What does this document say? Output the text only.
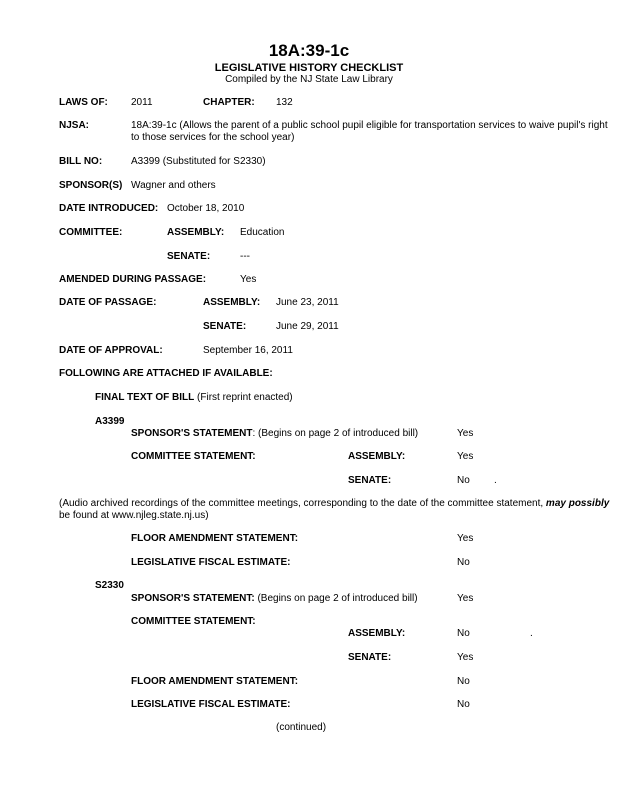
18A:39-1c
LEGISLATIVE HISTORY CHECKLIST
Compiled by the NJ State Law Library
LAWS OF: 2011	CHAPTER: 132
NJSA:	18A:39-1c (Allows the parent of a public school pupil eligible for transportation services to waive pupil's right to those services for the school year)
BILL NO:	A3399 (Substituted for S2330)
SPONSOR(S) Wagner and others
DATE INTRODUCED: October 18, 2010
COMMITTEE:	ASSEMBLY: Education
SENATE:	---
AMENDED DURING PASSAGE:	Yes
DATE OF PASSAGE:	ASSEMBLY: June 23, 2011
SENATE:	June 29, 2011
DATE OF APPROVAL:	September 16, 2011
FOLLOWING ARE ATTACHED IF AVAILABLE:
FINAL TEXT OF BILL (First reprint enacted)
A3399
SPONSOR'S STATEMENT: (Begins on page 2 of introduced bill)	Yes
COMMITTEE STATEMENT:	ASSEMBLY:	Yes
SENATE:	No .
(Audio archived recordings of the committee meetings, corresponding to the date of the committee statement, may possibly be found at www.njleg.state.nj.us)
FLOOR AMENDMENT STATEMENT:	Yes
LEGISLATIVE FISCAL ESTIMATE:	No
S2330
SPONSOR'S STATEMENT: (Begins on page 2 of introduced bill)	Yes
COMMITTEE STATEMENT:
ASSEMBLY:	No	.
SENATE:	Yes
FLOOR AMENDMENT STATEMENT:	No
LEGISLATIVE FISCAL ESTIMATE:	No
(continued)
